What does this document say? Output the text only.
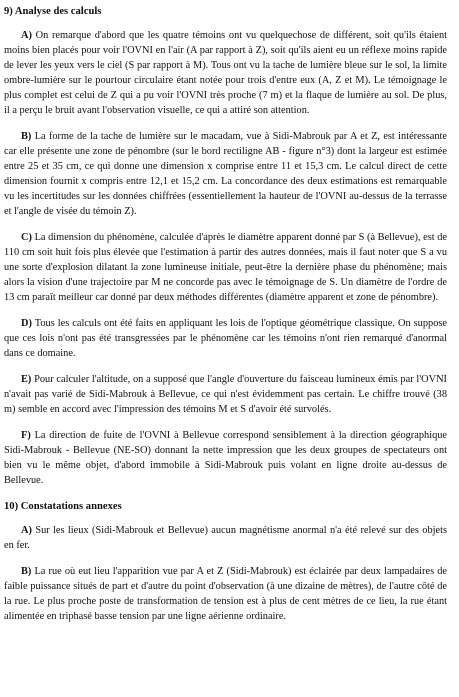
9) Analyse des calculs
A) On remarque d'abord que les quatre témoins ont vu quelquechose de différent, soit qu'ils étaient moins bien placés pour voir l'OVNI en l'air (A par rapport à Z), soit qu'ils aient eu un réflexe moins rapide de lever les yeux vers le ciel (S par rapport à M). Tous ont vu la tache de lumière bleue sur le sol, la limite ombre-lumière sur le pourtour circulaire étant notée pour trois d'entre eux (A, Z et M). Le témoignage le plus complet est celui de Z qui a pu voir l'OVNI très proche (7 m) et la flaque de lumière au sol. De plus, il a perçu le bruit avant l'observation visuelle, ce qui a attiré son attention.
B) La forme de la tache de lumière sur le macadam, vue à Sidi-Mabrouk par A et Z, est intéressante car elle présente une zone de pénombre (sur le bord rectiligne AB - figure n°3) dont la largeur est estimée entre 25 et 35 cm, ce qui donne une dimension x comprise entre 11 et 15,3 cm. Le calcul direct de cette dimension fournit x compris entre 12,1 et 15,2 cm. La concordance des deux estimations est remarquable vu les incertitudes sur les données chiffrées (essentiellement la hauteur de l'OVNI au-dessus de la terrasse et l'angle de visée du témoin Z).
C) La dimension du phénomène, calculée d'après le diamètre apparent donné par S (à Bellevue), est de 110 cm soit huit fois plus élevée que l'estimation à partir des autres données, mais il faut noter que S a vu une sorte d'explosion dilatant la zone lumineuse initiale, peut-être la dernière phase du phénomène; mais alors la vision d'une trajectoire par M ne concorde pas avec le témoignage de S. Un diamètre de l'ordre de 13 cm paraît meilleur car donné par deux méthodes différentes (diamètre apparent et zone de pénombre).
D) Tous les calculs ont été faits en appliquant les lois de l'optique géométrique classique. On suppose que ces lois n'ont pas été transgressées par le phénomène car les témoins n'ont rien remarqué d'anormal dans ce domaine.
E) Pour calculer l'altitude, on a supposé que l'angle d'ouverture du faisceau lumineux émis par l'OVNI n'avait pas varié de Sidi-Mabrouk à Bellevue, ce qui n'est évidemment pas certain. Le chiffre trouvé (38 m) semble en accord avec l'impression des témoins M et S d'avoir été survolés.
F) La direction de fuite de l'OVNI à Bellevue correspond sensiblement à la direction géographique Sidi-Mabrouk - Bellevue (NE-SO) donnant la nette impression que les deux groupes de spectateurs ont bien vu le même objet, d'abord immobile à Sidi-Mabrouk puis volant en ligne droite au-dessus de Bellevue.
10) Constatations annexes
A) Sur les lieux (Sidi-Mabrouk et Bellevue) aucun magnétisme anormal n'a été relevé sur des objets en fer.
B) La rue où eut lieu l'apparition vue par A et Z (Sidi-Mabrouk) est éclairée par deux lampadaires de faible puissance situés de part et d'autre du point d'observation (à une dizaine de mètres), de l'autre côté de la rue. Le plus proche poste de transformation de tension est à plus de cent mètres de ce lieu, la rue étant alimentée en triphasé basse tension par une ligne aérienne ordinaire.
